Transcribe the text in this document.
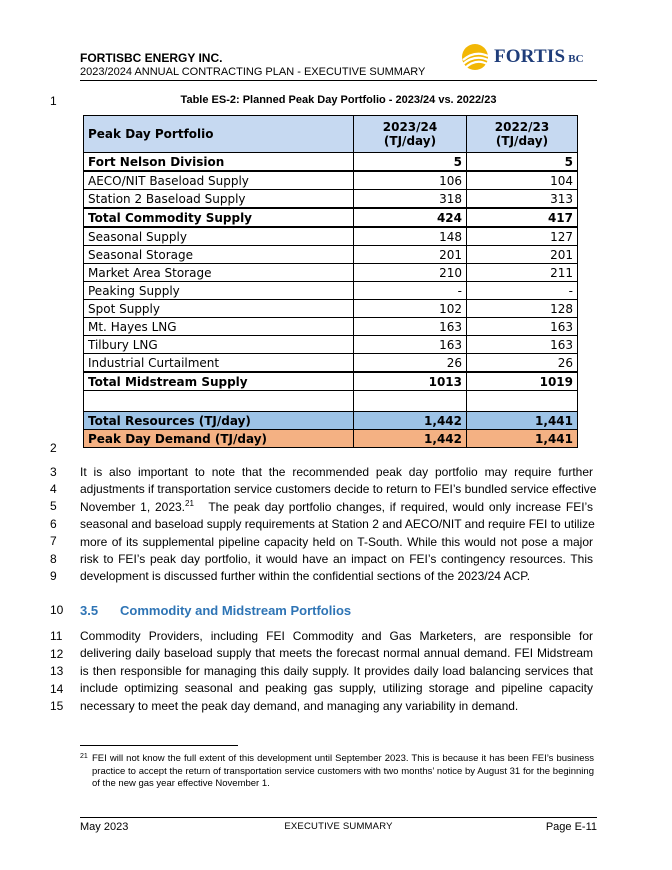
FORTISBC ENERGY INC.
2023/2024 ANNUAL CONTRACTING PLAN - EXECUTIVE SUMMARY
FORTIS BC
1
2
3
4
5
6
7
8
9
10
11
12
13
14
15
Table ES-2: Planned Peak Day Portfolio - 2023/24 vs. 2022/23
Peak Day Portfolio	2023/24 (TJ/day)	2022/23 (TJ/day)
Fort Nelson Division	5	5
AECO/NIT Baseload Supply	106	104
Station 2 Baseload Supply	318	313
Total Commodity Supply	424	417
Seasonal Supply	148	127
Seasonal Storage	201	201
Market Area Storage	210	211
Peaking Supply	-	-
Spot Supply	102	128
Mt. Hayes LNG	163	163
Tilbury LNG	163	163
Industrial Curtailment	26	26
Total Midstream Supply	1013	1019

Total Resources (TJ/day)	1,442	1,441
Peak Day Demand (TJ/day)	1,442	1,441
It is also important to note that the recommended peak day portfolio may require further
adjustments if transportation service customers decide to return to FEI’s bundled service effective
November 1, 2023.21 The peak day portfolio changes, if required, would only increase FEI’s
seasonal and baseload supply requirements at Station 2 and AECO/NIT and require FEI to utilize
more of its supplemental pipeline capacity held on T-South. While this would not pose a major
risk to FEI’s peak day portfolio, it would have an impact on FEI’s contingency resources. This
development is discussed further within the confidential sections of the 2023/24 ACP.
3.5 Commodity and Midstream Portfolios
Commodity Providers, including FEI Commodity and Gas Marketers, are responsible for
delivering daily baseload supply that meets the forecast normal annual demand. FEI Midstream
is then responsible for managing this daily supply. It provides daily load balancing services that
include optimizing seasonal and peaking gas supply, utilizing storage and pipeline capacity
necessary to meet the peak day demand, and managing any variability in demand.
21 FEI will not know the full extent of this development until September 2023. This is because it has been FEI’s business practice to accept the return of transportation service customers with two months’ notice by August 31 for the beginning of the new gas year effective November 1.
May 2023	EXECUTIVE SUMMARY	Page E-11
